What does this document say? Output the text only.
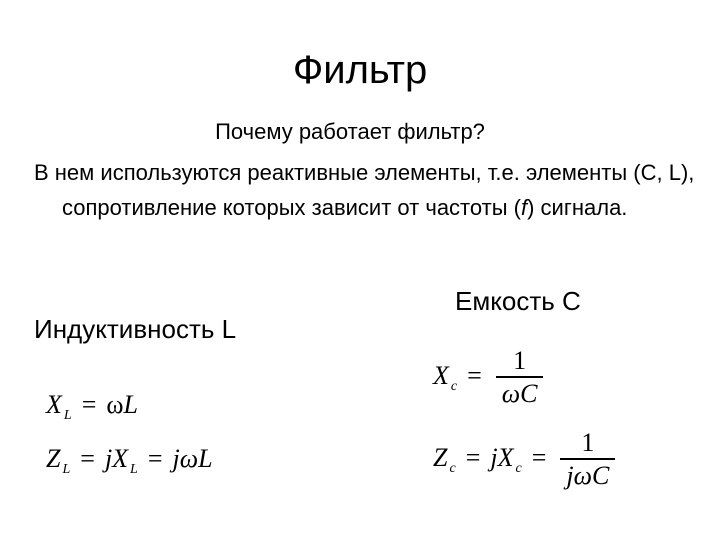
Фильтр
Почему работает фильтр?
В нем используются реактивные элементы, т.е. элементы (C, L), сопротивление которых зависит от частоты (f) сигнала.
Индуктивность L
Емкость С
X $_L$ = ωL
Z $_L$ = jX $_L$ = jωL
X $_c = \frac{1}{\omega C}$
Z $_c$ = jX $_c = \frac{1}{\text{jωC}}$
